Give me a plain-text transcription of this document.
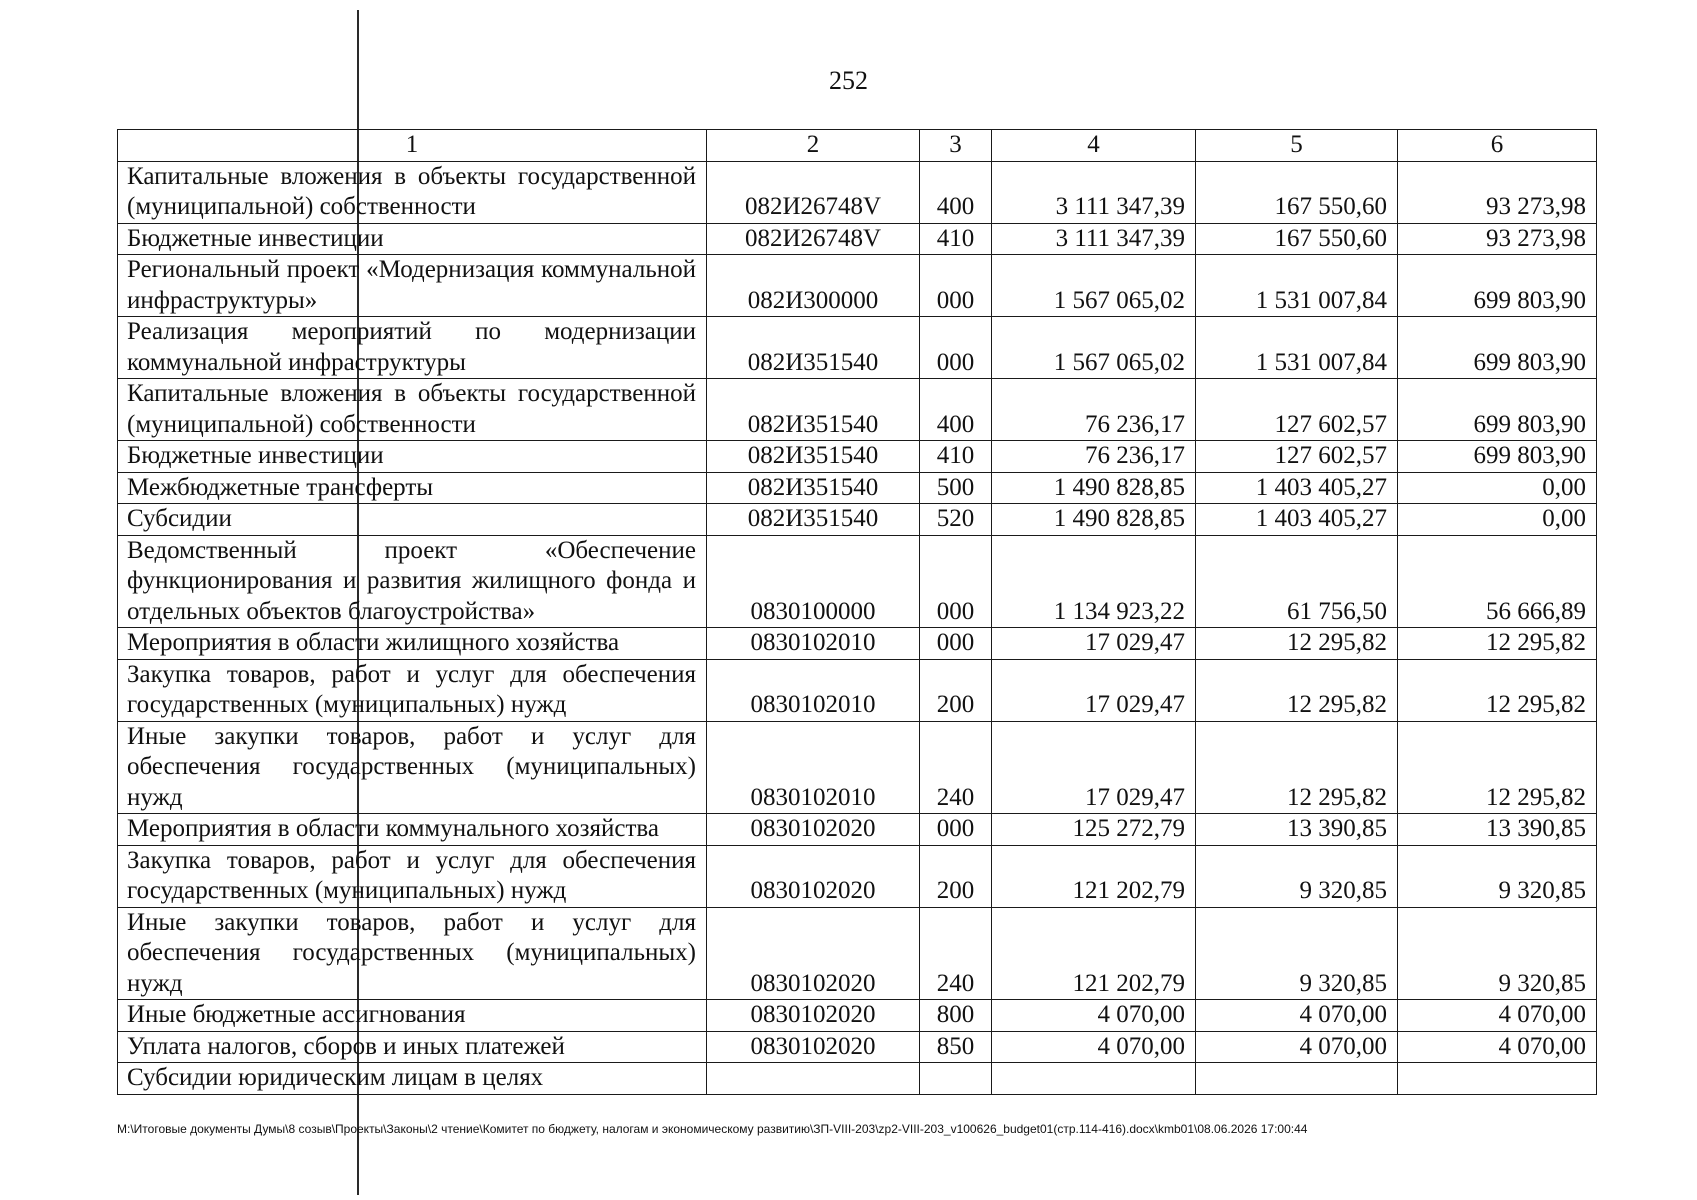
252
1	2	3	4	5	6
Капитальные вложения в объекты государственной (муниципальной) собственности	082И26748V	400	3 111 347,39	167 550,60	93 273,98
Бюджетные инвестиции	082И26748V	410	3 111 347,39	167 550,60	93 273,98
Региональный проект «Модернизация коммунальной инфраструктуры»	082И300000	000	1 567 065,02	1 531 007,84	699 803,90
Реализация мероприятий по модернизации коммунальной инфраструктуры	082И351540	000	1 567 065,02	1 531 007,84	699 803,90
Капитальные вложения в объекты государственной (муниципальной) собственности	082И351540	400	76 236,17	127 602,57	699 803,90
Бюджетные инвестиции	082И351540	410	76 236,17	127 602,57	699 803,90
Межбюджетные трансферты	082И351540	500	1 490 828,85	1 403 405,27	0,00
Субсидии	082И351540	520	1 490 828,85	1 403 405,27	0,00
Ведомственный проект «Обеспечение функционирования и развития жилищного фонда и отдельных объектов благоустройства»	0830100000	000	1 134 923,22	61 756,50	56 666,89
Мероприятия в области жилищного хозяйства	0830102010	000	17 029,47	12 295,82	12 295,82
Закупка товаров, работ и услуг для обеспечения государственных (муниципальных) нужд	0830102010	200	17 029,47	12 295,82	12 295,82
Иные закупки товаров, работ и услуг для обеспечения государственных (муниципальных) нужд	0830102010	240	17 029,47	12 295,82	12 295,82
Мероприятия в области коммунального хозяйства	0830102020	000	125 272,79	13 390,85	13 390,85
Закупка товаров, работ и услуг для обеспечения государственных (муниципальных) нужд	0830102020	200	121 202,79	9 320,85	9 320,85
Иные закупки товаров, работ и услуг для обеспечения государственных (муниципальных) нужд	0830102020	240	121 202,79	9 320,85	9 320,85
Иные бюджетные ассигнования	0830102020	800	4 070,00	4 070,00	4 070,00
Уплата налогов, сборов и иных платежей	0830102020	850	4 070,00	4 070,00	4 070,00
Субсидии юридическим лицам в целях					
M:\Итоговые документы Думы\8 созыв\Проекты\Законы\2 чтение\Комитет по бюджету, налогам и экономическому развитию\ЗП-VIII-203\zp2-VIII-203_v100626_budget01(стр.114-416).docx\kmb01\08.06.2026 17:00:44
